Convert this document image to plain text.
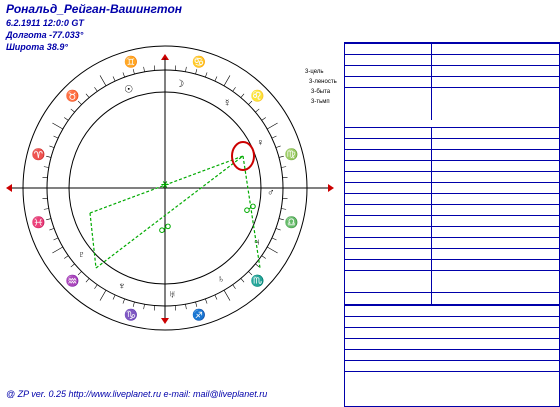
Рональд_Рейган-Вашингтон
6.2.1911 12:0:0 GT
Долгота -77.033°
Широта 38.9°
♈
♉
♊	♋
♌
♍
♎
♏
♐
♑
♒
♓
☉	☽
☿
♀
♂
♃
♄
♅
♆
♇
⚹
☍
☍
3-цель
3-леность
3-быта
3-тьмп
@ ZP ver. 0.25 http://www.liveplanet.ru e-mail: mail@liveplanet.ru
